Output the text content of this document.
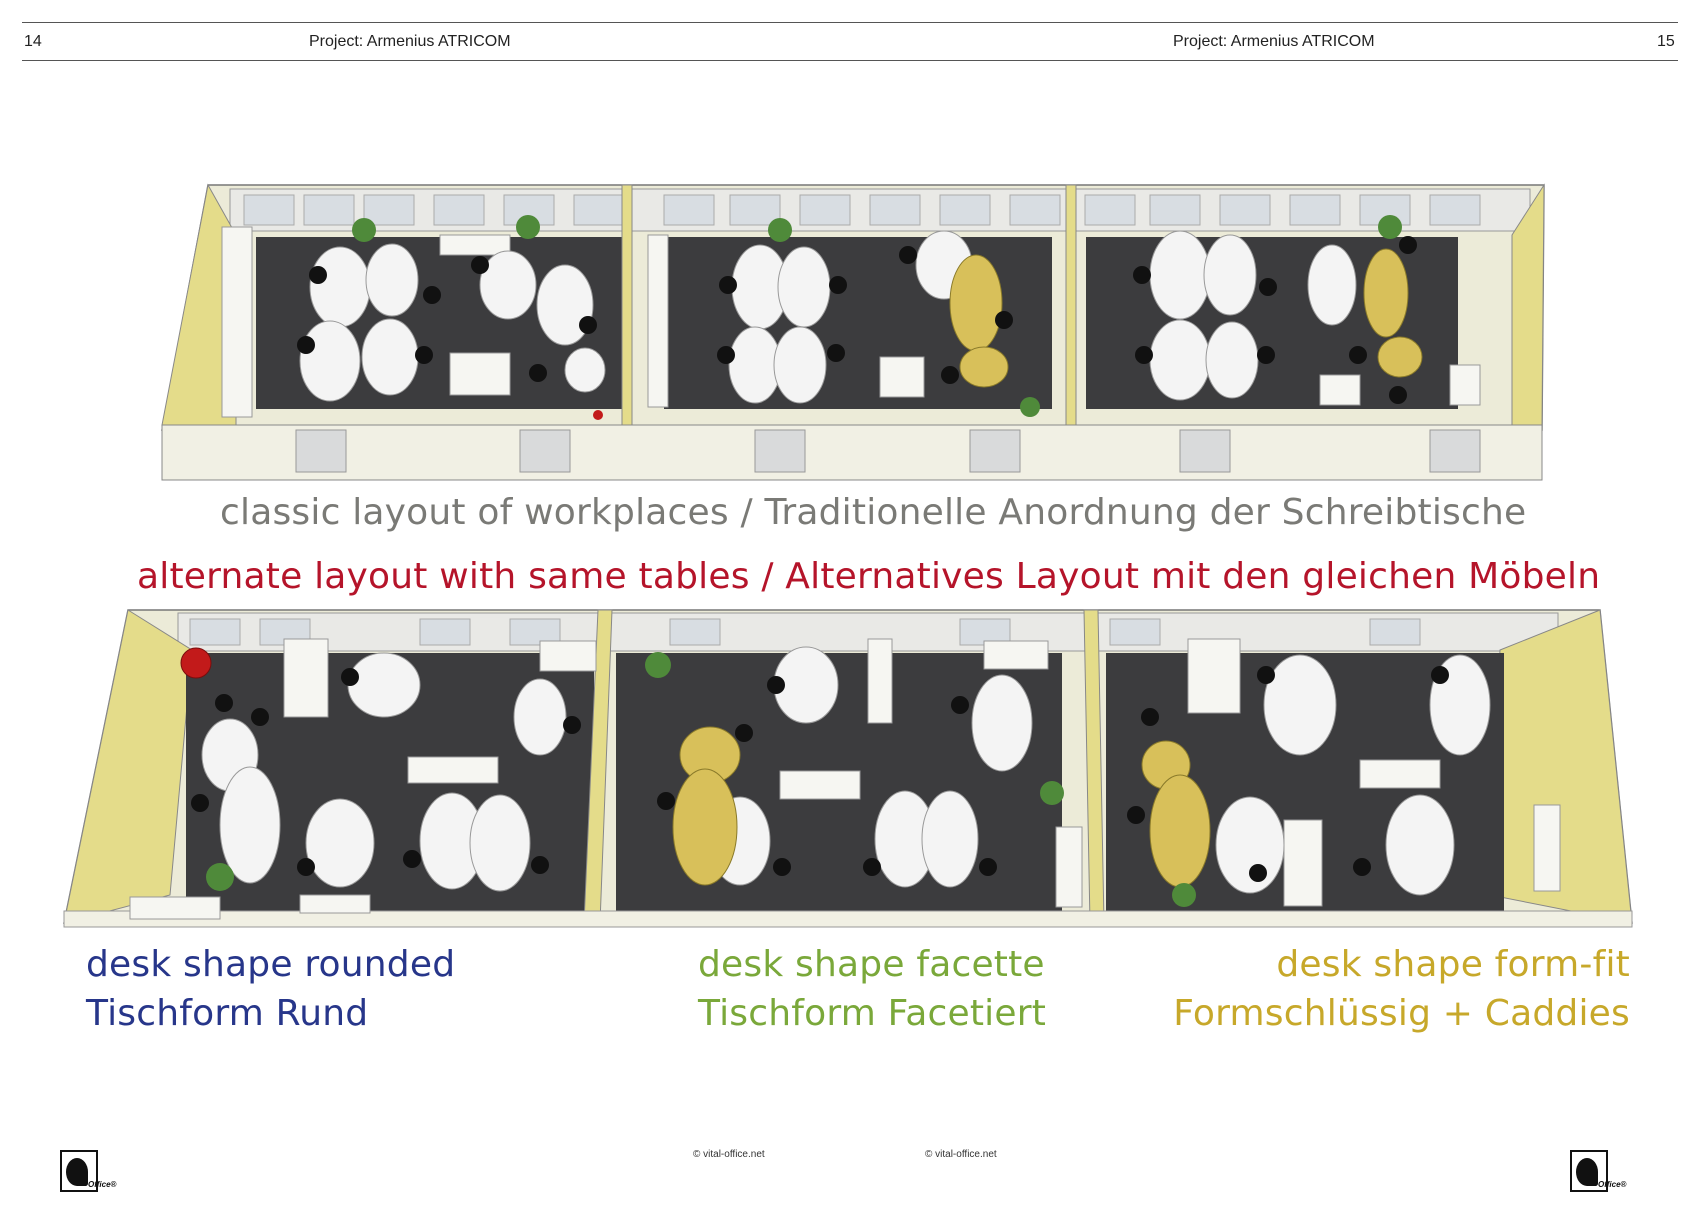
14	Project: Armenius ATRICOM	Project: Armenius ATRICOM	15
classic layout of workplaces / Traditionelle Anordnung der Schreibtische
alternate layout with same tables / Alternatives Layout mit den gleichen Möbeln
desk shape rounded
Tischform Rund
desk shape facette
Tischform Facetiert
desk shape form-fit
Formschlüssig + Caddies
Office®
© vital-office.net	© vital-office.net
Office®
